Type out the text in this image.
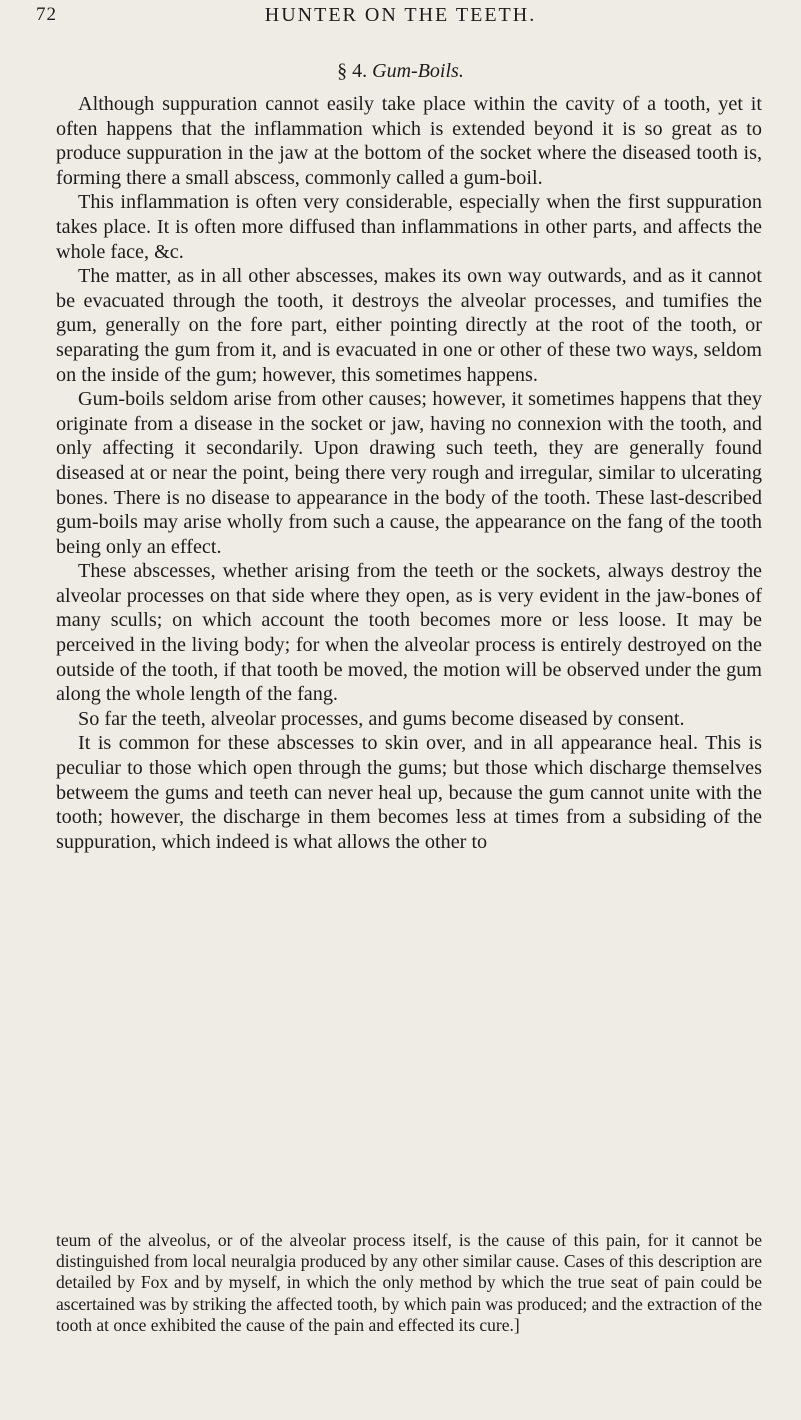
72	HUNTER ON THE TEETH.
§ 4. Gum-Boils.

Although suppuration cannot easily take place within the cavity of a tooth, yet it often happens that the inflammation which is extended beyond it is so great as to produce suppuration in the jaw at the bottom of the socket where the diseased tooth is, forming there a small abscess, commonly called a gum-boil.

This inflammation is often very considerable, especially when the first suppuration takes place. It is often more diffused than inflammations in other parts, and affects the whole face, &c.

The matter, as in all other abscesses, makes its own way outwards, and as it cannot be evacuated through the tooth, it destroys the alveolar processes, and tumifies the gum, generally on the fore part, either pointing directly at the root of the tooth, or separating the gum from it, and is evacuated in one or other of these two ways, seldom on the inside of the gum; however, this sometimes happens.

Gum-boils seldom arise from other causes; however, it sometimes happens that they originate from a disease in the socket or jaw, having no connexion with the tooth, and only affecting it secondarily. Upon drawing such teeth, they are generally found diseased at or near the point, being there very rough and irregular, similar to ulcerating bones. There is no disease to appearance in the body of the tooth. These last-described gum-boils may arise wholly from such a cause, the appearance on the fang of the tooth being only an effect.

These abscesses, whether arising from the teeth or the sockets, always destroy the alveolar processes on that side where they open, as is very evident in the jaw-bones of many sculls; on which account the tooth becomes more or less loose. It may be perceived in the living body; for when the alveolar process is entirely destroyed on the outside of the tooth, if that tooth be moved, the motion will be observed under the gum along the whole length of the fang.

So far the teeth, alveolar processes, and gums become diseased by consent.

It is common for these abscesses to skin over, and in all appearance heal. This is peculiar to those which open through the gums; but those which discharge themselves betweem the gums and teeth can never heal up, because the gum cannot unite with the tooth; however, the discharge in them becomes less at times from a subsiding of the suppuration, which indeed is what allows the other to

teum of the alveolus, or of the alveolar process itself, is the cause of this pain, for it cannot be distinguished from local neuralgia produced by any other similar cause. Cases of this description are detailed by Fox and by myself, in which the only method by which the true seat of pain could be ascertained was by striking the affected tooth, by which pain was produced; and the extraction of the tooth at once exhibited the cause of the pain and effected its cure.]
